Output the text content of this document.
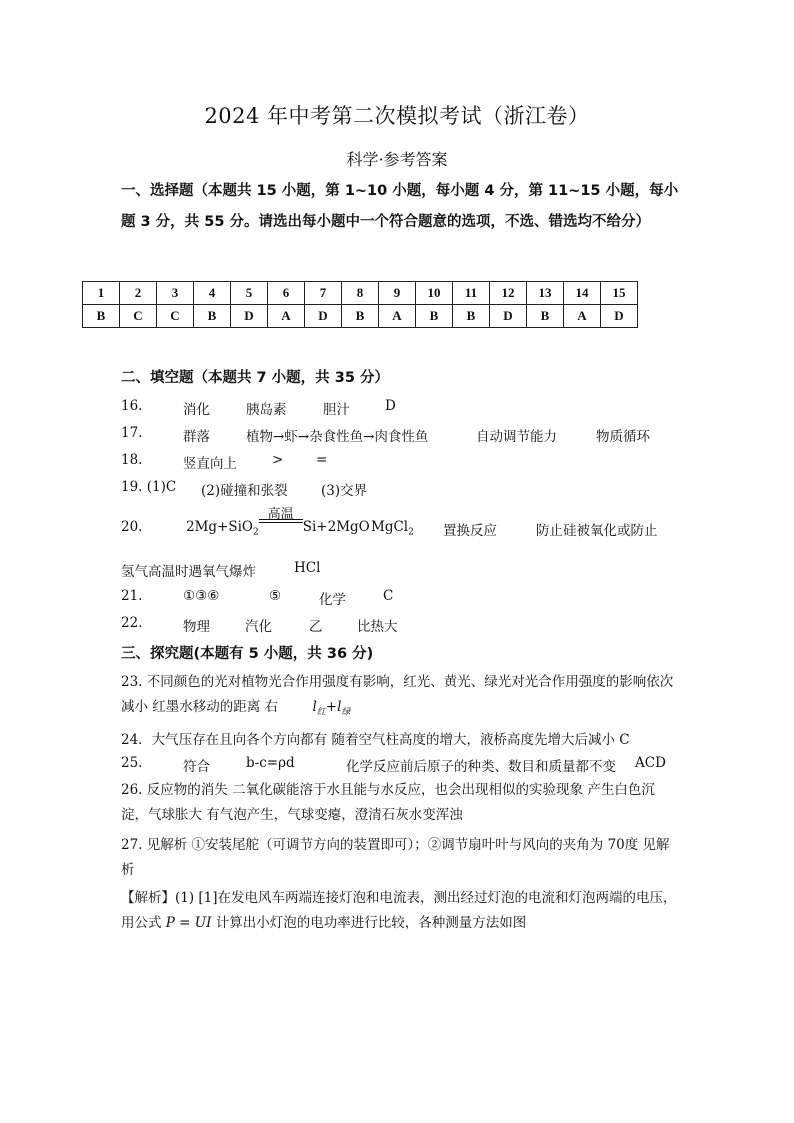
2024 年中考第二次模拟考试（浙江卷）
科学·参考答案
一、选择题（本题共 15 小题，第 1~10 小题，每小题 4 分，第 11~15 小题，每小题 3 分，共 55 分。请选出每小题中一个符合题意的选项，不选、错选均不给分）
1	2	3	4	5	6	7	8	9	10	11	12	13	14	15
B	C	C	B	D	A	D	B	A	B	B	D	B	A	D
二、填空题（本题共 7 小题，共 35 分）
16.	消化	胰岛素	胆汁	D
17.	群落	植物→虾→杂食性鱼→肉食性鱼	自动调节能力	物质循环
18.	竖直向上	> =
19. (1)C (2)碰撞和张裂 (3)交界
20.	2Mg+SiO$_2$
高温
Si+2MgO MgCl$_2$ 置换反应	防止硅被氧化或防止
氢气高温时遇氧气爆炸	HCl
21.	①③⑥	⑤	化学	C
22.	物理	汽化	乙	比热大
三、探究题(本题有 5 小题，共 36 分)
23. 不同颜色的光对植物光合作用强度有影响，红光、黄光、绿光对光合作用强度的影响依次减小 红墨水移动的距离 右	$l_红+l_绿$
24．大气压存在且向各个方向都有 随着空气柱高度的增大，液桥高度先增大后减小 C
25.	符合	b-c=ρd	化学反应前后原子的种类、数目和质量都不变 ACD
26. 反应物的消失 二氧化碳能溶于水且能与水反应，也会出现相似的实验现象 产生白色沉淀，气球胀大 有气泡产生，气球变瘪，澄清石灰水变浑浊
27. 见解析 ①安装尾舵（可调节方向的装置即可）；②调节扇叶叶与风向的夹角为 70度 见解析
【解析】(1) [1]在发电风车两端连接灯泡和电流表，测出经过灯泡的电流和灯泡两端的电压，用公式 P = UI 计算出小灯泡的电功率进行比较，各种测量方法如图
